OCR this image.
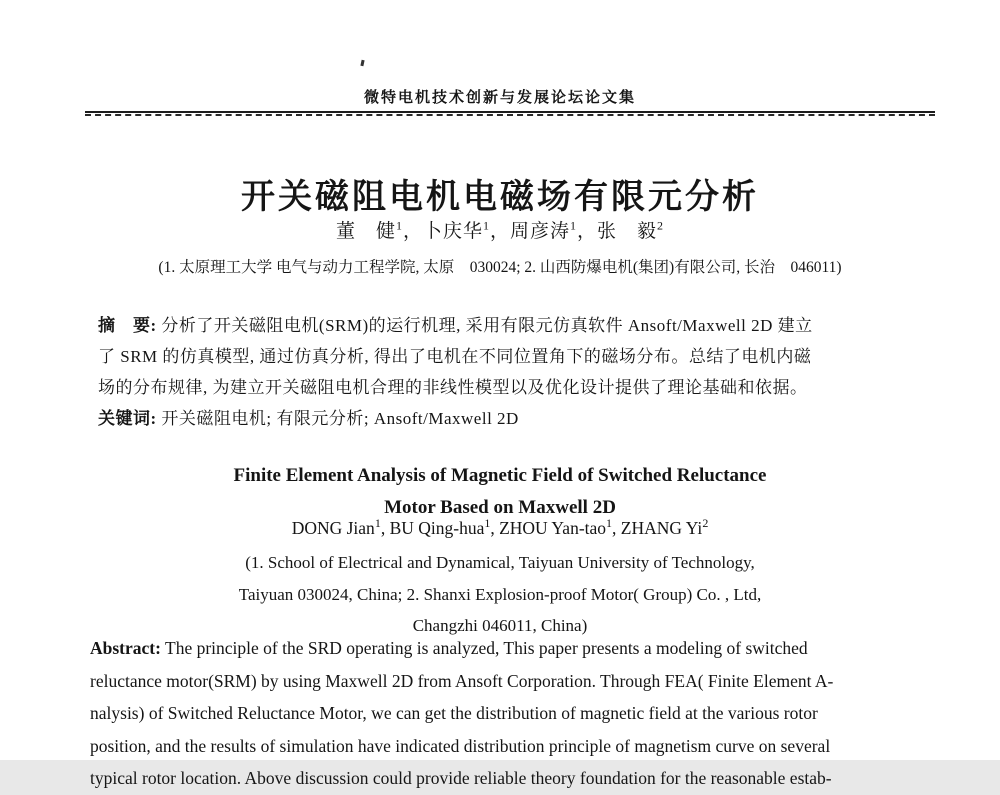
微特电机技术创新与发展论坛论文集
开关磁阻电机电磁场有限元分析
董　健$^1$，卜庆华$^1$，周彦涛$^1$，张　毅$^2$
(1. 太原理工大学 电气与动力工程学院, 太原　030024; 2. 山西防爆电机(集团)有限公司, 长治　046011)
摘　要: 分析了开关磁阻电机(SRM)的运行机理, 采用有限元仿真软件 Ansoft/Maxwell 2D 建立
了 SRM 的仿真模型, 通过仿真分析, 得出了电机在不同位置角下的磁场分布。总结了电机内磁
场的分布规律, 为建立开关磁阻电机合理的非线性模型以及优化设计提供了理论基础和依据。
关键词: 开关磁阻电机; 有限元分析; Ansoft/Maxwell 2D
Finite Element Analysis of Magnetic Field of Switched Reluctance
Motor Based on Maxwell 2D
DONG Jian$^1$, BU Qing-hua$^1$, ZHOU Yan-tao$^1$, ZHANG Yi$^2$
(1. School of Electrical and Dynamical, Taiyuan University of Technology,
Taiyuan 030024, China; 2. Shanxi Explosion-proof Motor( Group) Co. , Ltd,
Changzhi 046011, China)
Abstract: The principle of the SRD operating is analyzed, This paper presents a modeling of switched
reluctance motor(SRM) by using Maxwell 2D from Ansoft Corporation. Through FEA( Finite Element A-
nalysis) of Switched Reluctance Motor, we can get the distribution of magnetic field at the various rotor
position, and the results of simulation have indicated distribution principle of magnetism curve on several
typical rotor location. Above discussion could provide reliable theory foundation for the reasonable estab-
